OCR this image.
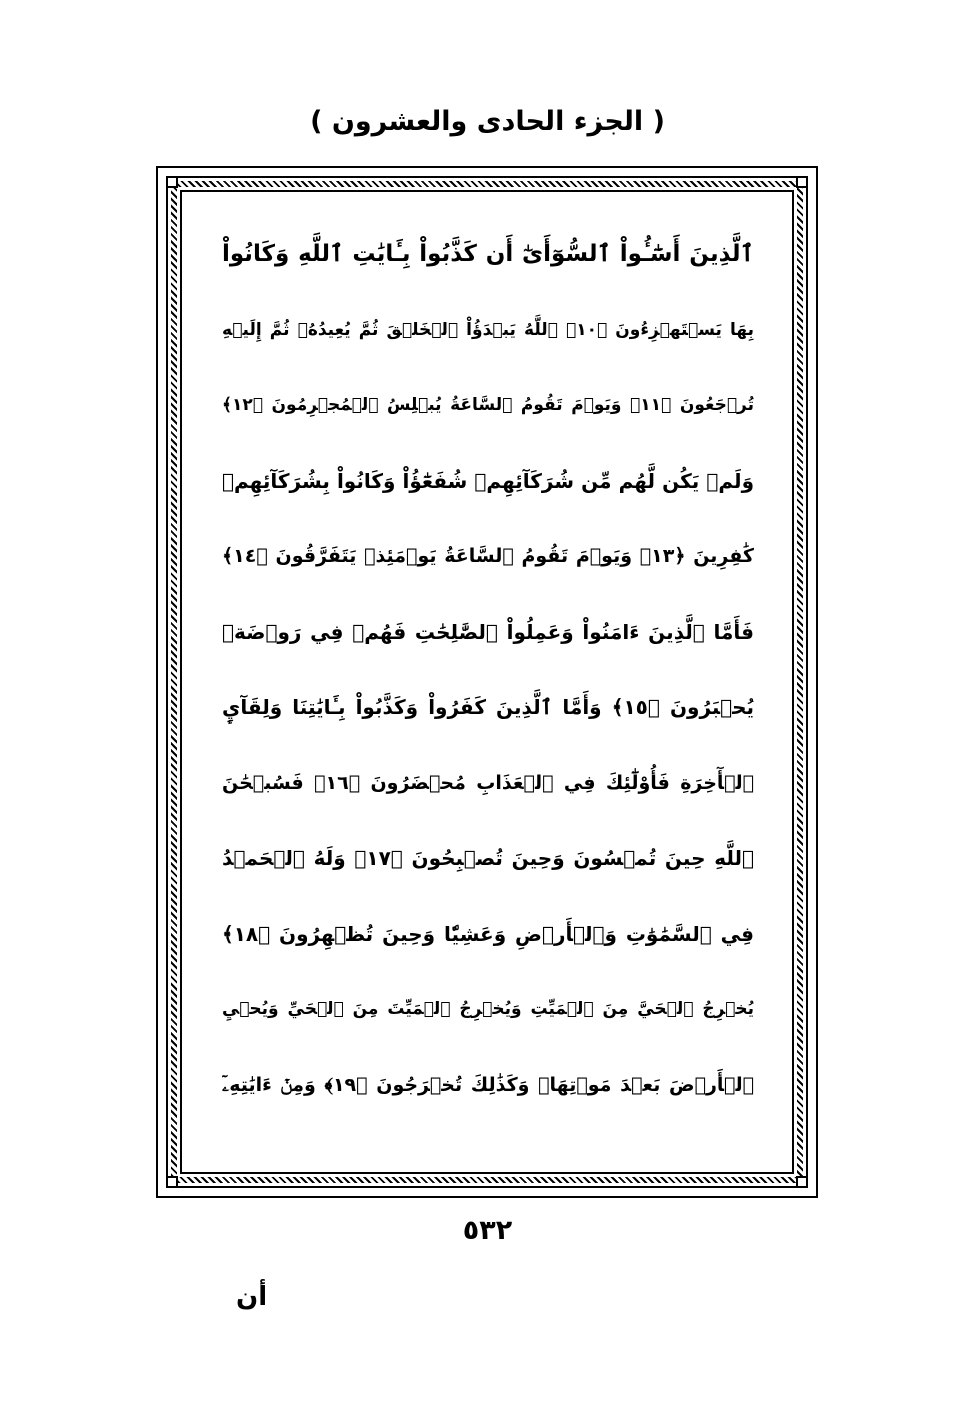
( الجزء الحادى والعشرون )
ٱلَّذِينَ أَسَٰٓـُٔواْ ٱلسُّوٓأَىٰٓ أَن كَذَّبُواْ بِـَٔايَٰتِ ٱللَّهِ وَكَانُواْ
بِهَا يَسۡتَهۡزِءُونَ ﴿١٠﴾ ٱللَّهُ يَبۡدَؤُاْ ٱلۡخَلۡقَ ثُمَّ يُعِيدُهُۥ ثُمَّ إِلَيۡهِ
تُرۡجَعُونَ ﴿١١﴾ وَيَوۡمَ تَقُومُ ٱلسَّاعَةُ يُبۡلِسُ ٱلۡمُجۡرِمُونَ ﴿١٢﴾
وَلَمۡ يَكُن لَّهُم مِّن شُرَكَآئِهِمۡ شُفَعَٰٓؤُاْ وَكَانُواْ بِشُرَكَآئِهِمۡ
كَٰفِرِينَ ﴿١٣﴾ وَيَوۡمَ تَقُومُ ٱلسَّاعَةُ يَوۡمَئِذٖ يَتَفَرَّقُونَ ﴿١٤﴾
فَأَمَّا ٱلَّذِينَ ءَامَنُواْ وَعَمِلُواْ ٱلصَّٰلِحَٰتِ فَهُمۡ فِي رَوۡضَةٖ
يُحۡبَرُونَ ﴿١٥﴾ وَأَمَّا ٱلَّذِينَ كَفَرُواْ وَكَذَّبُواْ بِـَٔايَٰتِنَا وَلِقَآيِٕ
ٱلۡأٓخِرَةِ فَأُوْلَٰٓئِكَ فِي ٱلۡعَذَابِ مُحۡضَرُونَ ﴿١٦﴾ فَسُبۡحَٰنَ
ٱللَّهِ حِينَ تُمۡسُونَ وَحِينَ تُصۡبِحُونَ ﴿١٧﴾ وَلَهُ ٱلۡحَمۡدُ
فِي ٱلسَّمَٰوَٰتِ وَٱلۡأَرۡضِ وَعَشِيّٗا وَحِينَ تُظۡهِرُونَ ﴿١٨﴾
يُخۡرِجُ ٱلۡحَيَّ مِنَ ٱلۡمَيِّتِ وَيُخۡرِجُ ٱلۡمَيِّتَ مِنَ ٱلۡحَيِّ وَيُحۡيِ
ٱلۡأَرۡضَ بَعۡدَ مَوۡتِهَاۚ وَكَذَٰلِكَ تُخۡرَجُونَ ﴿١٩﴾ وَمِنۡ ءَايَٰتِهِۦٓ
٥٣٢
أن
